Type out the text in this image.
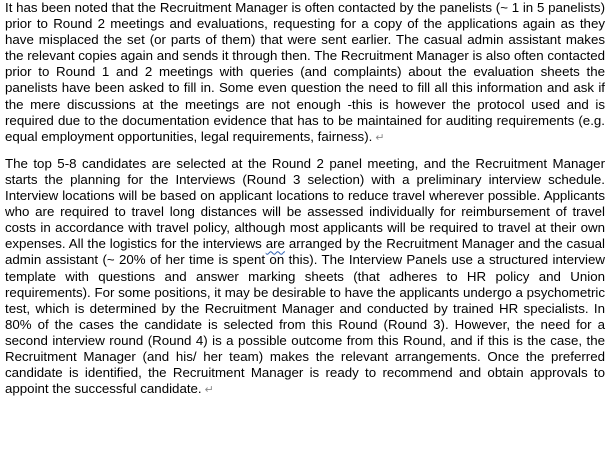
It has been noted that the Recruitment Manager is often contacted by the panelists (~ 1 in 5 panelists) prior to Round 2 meetings and evaluations, requesting for a copy of the applications again as they have misplaced the set (or parts of them) that were sent earlier. The casual admin assistant makes the relevant copies again and sends it through then. The Recruitment Manager is also often contacted prior to Round 1 and 2 meetings with queries (and complaints) about the evaluation sheets the panelists have been asked to fill in. Some even question the need to fill all this information and ask if the mere discussions at the meetings are not enough -this is however the protocol used and is required due to the documentation evidence that has to be maintained for auditing requirements (e.g. equal employment opportunities, legal requirements, fairness). ↵

The top 5-8 candidates are selected at the Round 2 panel meeting, and the Recruitment Manager starts the planning for the Interviews (Round 3 selection) with a preliminary interview schedule. Interview locations will be based on applicant locations to reduce travel wherever possible. Applicants who are required to travel long distances will be assessed individually for reimbursement of travel costs in accordance with travel policy, although most applicants will be required to travel at their own expenses. All the logistics for the interviews are arranged by the Recruitment Manager and the casual admin assistant (~ 20% of her time is spent on this). The Interview Panels use a structured interview template with questions and answer marking sheets (that adheres to HR policy and Union requirements). For some positions, it may be desirable to have the applicants undergo a psychometric test, which is determined by the Recruitment Manager and conducted by trained HR specialists. In 80% of the cases the candidate is selected from this Round (Round 3). However, the need for a second interview round (Round 4) is a possible outcome from this Round, and if this is the case, the Recruitment Manager (and his/ her team) makes the relevant arrangements. Once the preferred candidate is identified, the Recruitment Manager is ready to recommend and obtain approvals to appoint the successful candidate. ↵
